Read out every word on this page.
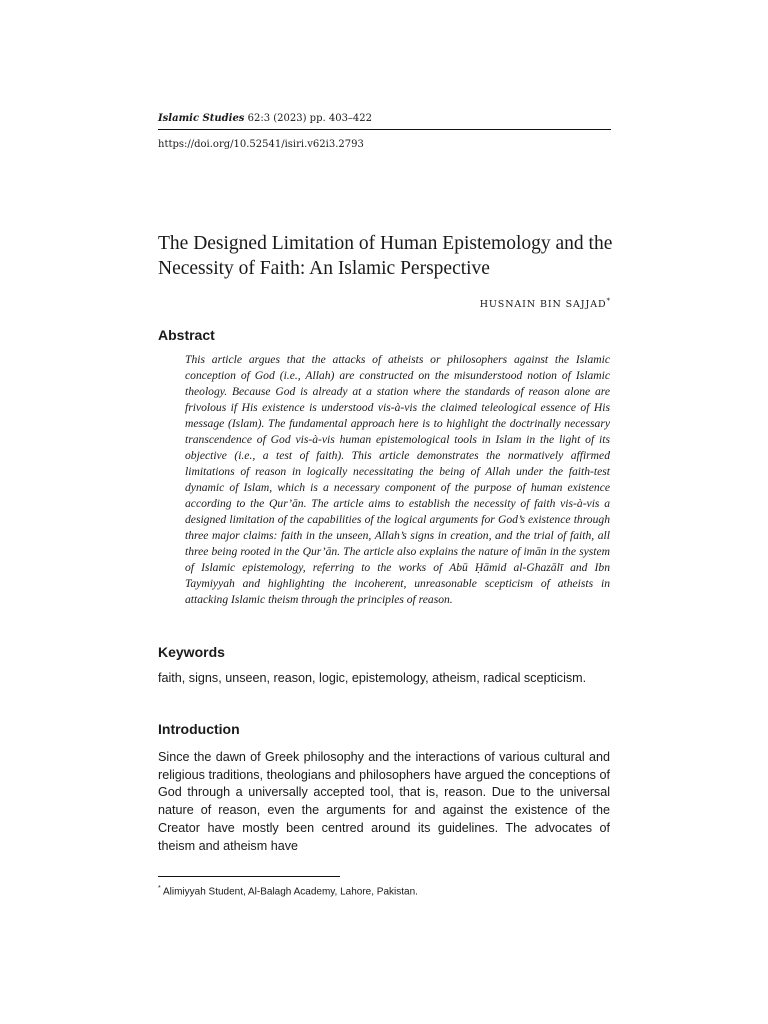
Islamic Studies 62:3 (2023) pp. 403–422
https://doi.org/10.52541/isiri.v62i3.2793
The Designed Limitation of Human Epistemology and the Necessity of Faith: An Islamic Perspective
HUSNAIN BIN SAJJAD*
Abstract

This article argues that the attacks of atheists or philosophers against the Islamic conception of God (i.e., Allah) are constructed on the misunderstood notion of Islamic theology. Because God is already at a station where the standards of reason alone are frivolous if His existence is understood vis-à-vis the claimed teleological essence of His message (Islam). The fundamental approach here is to highlight the doctrinally necessary transcendence of God vis-à-vis human epistemological tools in Islam in the light of its objective (i.e., a test of faith). This article demonstrates the normatively affirmed limitations of reason in logically necessitating the being of Allah under the faith-test dynamic of Islam, which is a necessary component of the purpose of human existence according to the Qur’ān. The article aims to establish the necessity of faith vis-à-vis a designed limitation of the capabilities of the logical arguments for God’s existence through three major claims: faith in the unseen, Allah’s signs in creation, and the trial of faith, all three being rooted in the Qur’ān. The article also explains the nature of imān in the system of Islamic epistemology, referring to the works of Abū Ḥāmid al-Ghazālī and Ibn Taymiyyah and highlighting the incoherent, unreasonable scepticism of atheists in attacking Islamic theism through the principles of reason.

Keywords

faith, signs, unseen, reason, logic, epistemology, atheism, radical scepticism.

Introduction

Since the dawn of Greek philosophy and the interactions of various cultural and religious traditions, theologians and philosophers have argued the conceptions of God through a universally accepted tool, that is, reason. Due to the universal nature of reason, even the arguments for and against the existence of the Creator have mostly been centred around its guidelines. The advocates of theism and atheism have

* Alimiyyah Student, Al-Balagh Academy, Lahore, Pakistan.
